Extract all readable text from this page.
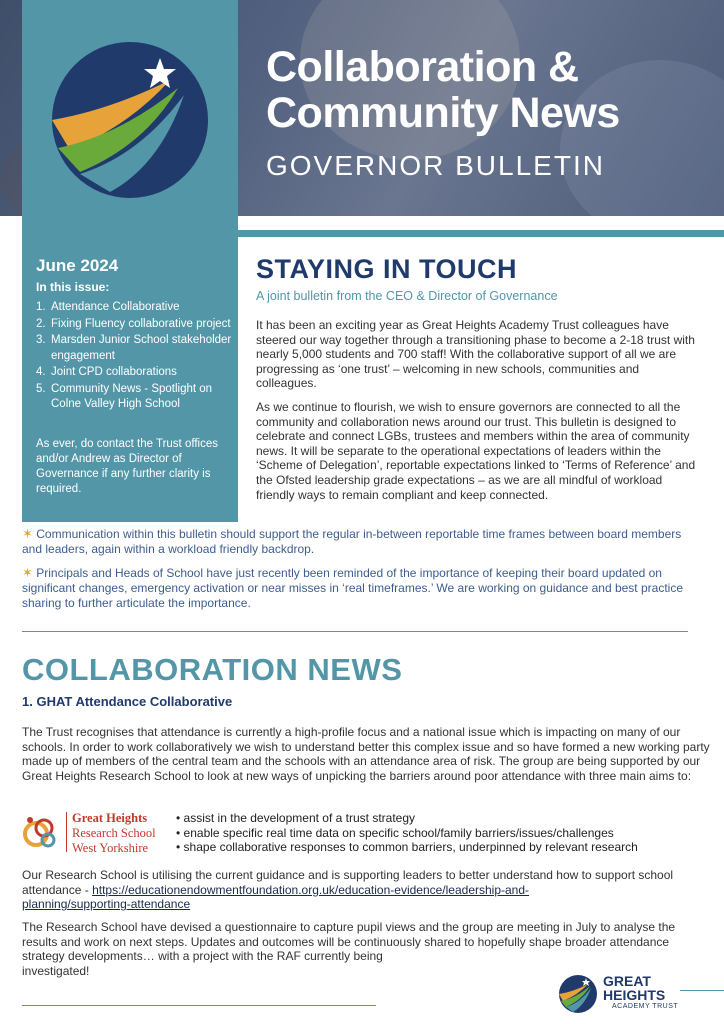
June 2024

In this issue:

1. Attendance Collaborative
2. Fixing Fluency collaborative project
3. Marsden Junior School stakeholder engagement
4. Joint CPD collaborations
5. Community News - Spotlight on Colne Valley High School

As ever, do contact the Trust offices and/or Andrew as Director of Governance if any further clarity is required.

Collaboration &
Community News

GOVERNOR BULLETIN

STAYING IN TOUCH

A joint bulletin from the CEO & Director of Governance

It has been an exciting year as Great Heights Academy Trust colleagues have steered our way together through a transitioning phase to become a 2-18 trust with nearly 5,000 students and 700 staff! With the collaborative support of all we are progressing as ‘one trust’ – welcoming in new schools, communities and colleagues.

As we continue to flourish, we wish to ensure governors are connected to all the community and collaboration news around our trust. This bulletin is designed to celebrate and connect LGBs, trustees and members within the area of community news. It will be separate to the operational expectations of leaders within the ‘Scheme of Delegation’, reportable expectations linked to ‘Terms of Reference’ and the Ofsted leadership grade expectations – as we are all mindful of workload friendly ways to remain compliant and keep connected.

✶ Communication within this bulletin should support the regular in-between reportable time frames between board members and leaders, again within a workload friendly backdrop.

✶ Principals and Heads of School have just recently been reminded of the importance of keeping their board updated on significant changes, emergency activation or near misses in ‘real timeframes.’ We are working on guidance and best practice sharing to further articulate the importance.

COLLABORATION NEWS

1. GHAT Attendance Collaborative

The Trust recognises that attendance is currently a high-profile focus and a national issue which is impacting on many of our schools. In order to work collaboratively we wish to understand better this complex issue and so have formed a new working party made up of members of the central team and the schools with an attendance area of risk. The group are being supported by our Great Heights Research School to look at new ways of unpicking the barriers around poor attendance with three main aims to:

Great Heights
Research School
West Yorkshire

• assist in the development of a trust strategy
• enable specific real time data on specific school/family barriers/issues/challenges
• shape collaborative responses to common barriers, underpinned by relevant research

Our Research School is utilising the current guidance and is supporting leaders to better understand how to support school attendance - https://educationendowmentfoundation.org.uk/education-evidence/leadership-and-
planning/supporting-attendance

The Research School have devised a questionnaire to capture pupil views and the group are meeting in July to analyse the results and work on next steps. Updates and outcomes will be continuously shared to hopefully shape broader attendance strategy developments… with a project with the RAF currently being
investigated!

GREAT
HEIGHTS

ACADEMY TRUST
